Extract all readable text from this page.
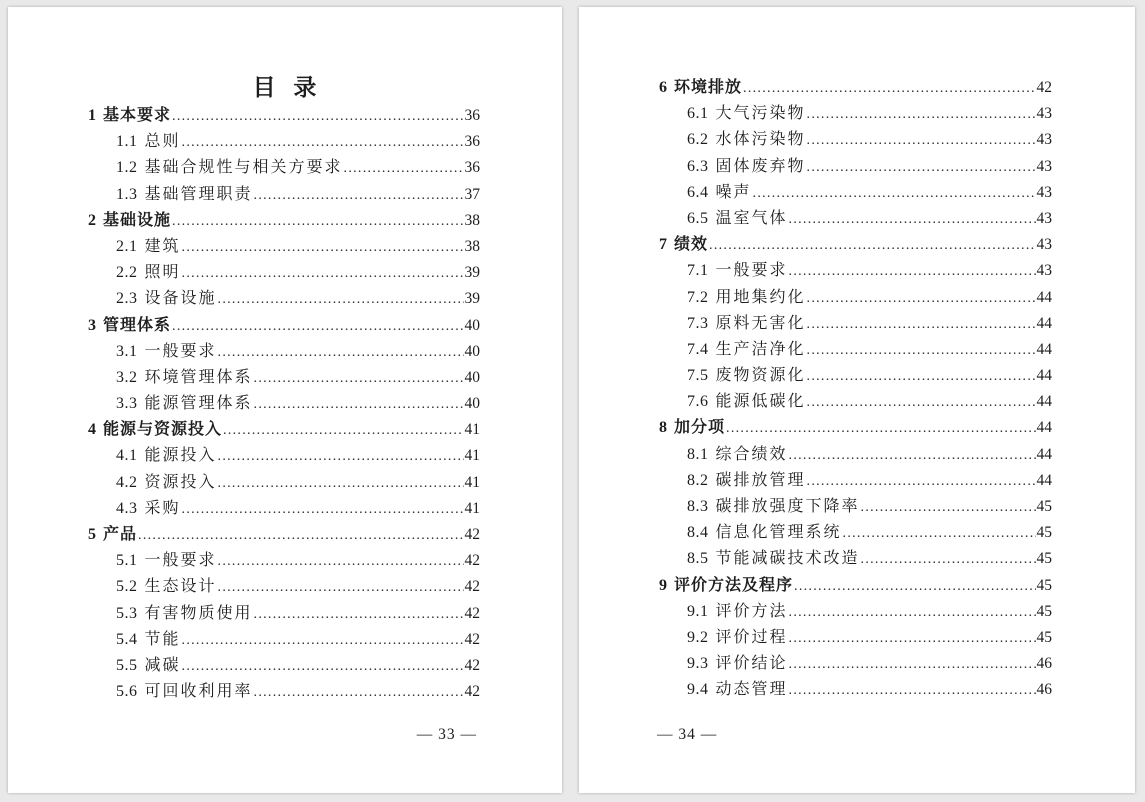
目 录
1 基本要求 .....	36
1.1 总则 .....	36
1.2 基础合规性与相关方要求 .....	36
1.3 基础管理职责 .....	37
2 基础设施 .....	38
2.1 建筑 .....	38
2.2 照明 .....	39
2.3 设备设施 .....	39
3 管理体系 .....	40
3.1 一般要求 .....	40
3.2 环境管理体系 .....	40
3.3 能源管理体系 .....	40
4 能源与资源投入 .....	41
4.1 能源投入 .....	41
4.2 资源投入 .....	41
4.3 采购 .....	41
5 产品 .....	42
5.1 一般要求 .....	42
5.2 生态设计 .....	42
5.3 有害物质使用 .....	42
5.4 节能 .....	42
5.5 减碳 .....	42
5.6 可回收利用率 .....	42
— 33 —
6 环境排放 .....	42
6.1 大气污染物 .....	43
6.2 水体污染物 .....	43
6.3 固体废弃物 .....	43
6.4 噪声 .....	43
6.5 温室气体 .....	43
7 绩效 .....	43
7.1 一般要求 .....	43
7.2 用地集约化 .....	44
7.3 原料无害化 .....	44
7.4 生产洁净化 .....	44
7.5 废物资源化 .....	44
7.6 能源低碳化 .....	44
8 加分项 .....	44
8.1 综合绩效 .....	44
8.2 碳排放管理 .....	44
8.3 碳排放强度下降率 .....	45
8.4 信息化管理系统 .....	45
8.5 节能减碳技术改造 .....	45
9 评价方法及程序 .....	45
9.1 评价方法 .....	45
9.2 评价过程 .....	45
9.3 评价结论 .....	46
9.4 动态管理 .....	46
— 34 —
